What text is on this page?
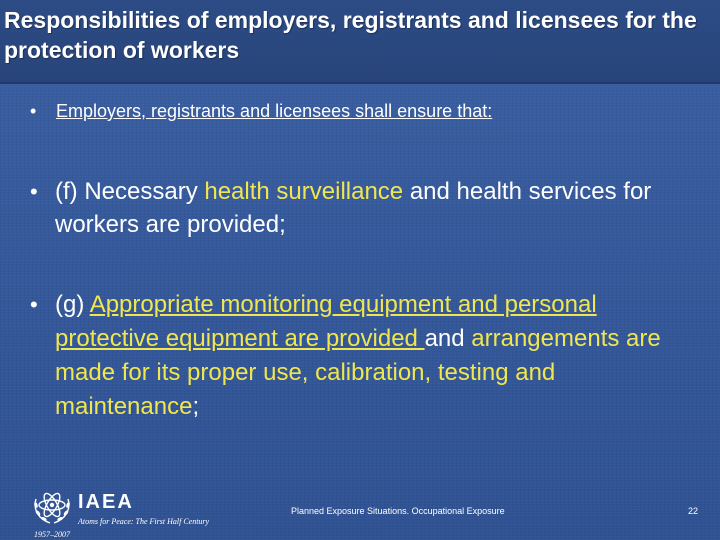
Responsibilities of employers, registrants and licensees for the protection of workers
• Employers, registrants and licensees shall ensure that:
• (f) Necessary health surveillance and health services for workers are provided;
• (g) Appropriate monitoring equipment and personal protective equipment are provided and arrangements are made for its proper use, calibration, testing and maintenance;
IAEA
Atoms for Peace: The First Half Century
1957–2007
Planned Exposure Situations. Occupational Exposure	22
